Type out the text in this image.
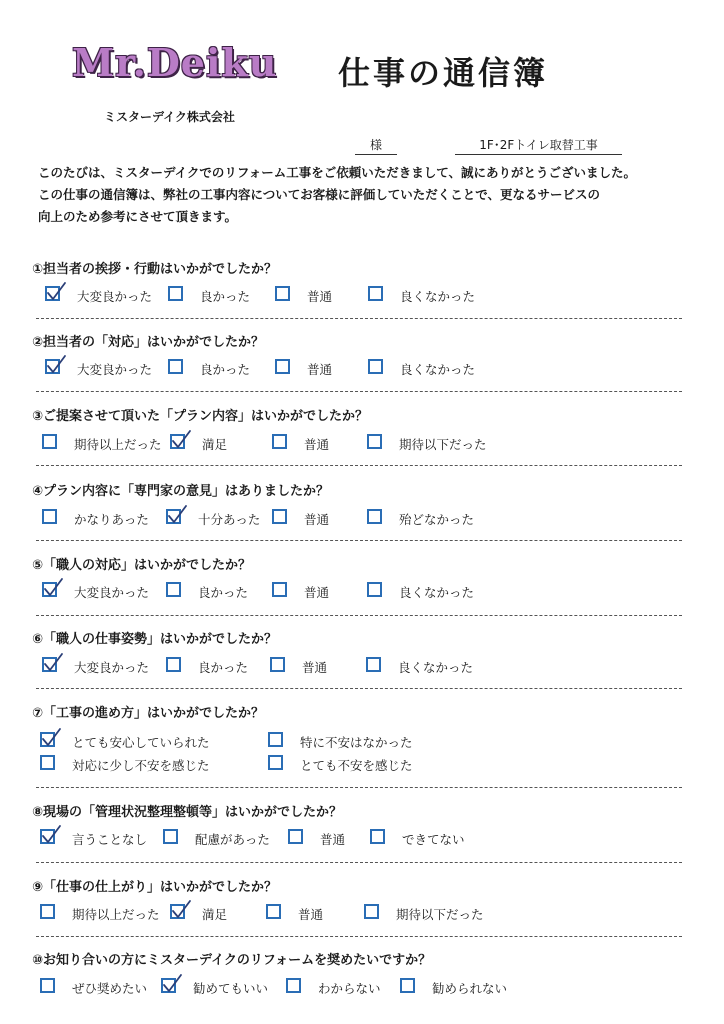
Mr.Deiku 仕事の通信簿
ミスターデイク株式会社
様	1F･2Fトイレ取替工事
このたびは、ミスターデイクでのリフォーム工事をご依頼いただきまして、誠にありがとうございました。
この仕事の通信簿は、弊社の工事内容についてお客様に評価していただくことで、更なるサービスの
向上のため参考にさせて頂きます。
①担当者の挨拶・行動はいかがでしたか？
大変良かった	良かった	普通	良くなかった
②担当者の「対応」はいかがでしたか？
大変良かった	良かった	普通	良くなかった
③ご提案させて頂いた「プラン内容」はいかがでしたか？
期待以上だった	満足	普通	期待以下だった
④プラン内容に「専門家の意見」はありましたか？
かなりあった	十分あった	普通	殆どなかった
⑤「職人の対応」はいかがでしたか？
大変良かった	良かった	普通	良くなかった
⑥「職人の仕事姿勢」はいかがでしたか？
大変良かった	良かった	普通	良くなかった
⑦「工事の進め方」はいかがでしたか？
とても安心していられた	特に不安はなかった
対応に少し不安を感じた	とても不安を感じた
⑧現場の「管理状況整理整頓等」はいかがでしたか？
言うことなし	配慮があった	普通	できてない
⑨「仕事の仕上がり」はいかがでしたか？
期待以上だった	満足	普通	期待以下だった
⑩お知り合いの方にミスターデイクのリフォームを奨めたいですか？
ぜひ奨めたい	勧めてもいい	わからない	勧められない
